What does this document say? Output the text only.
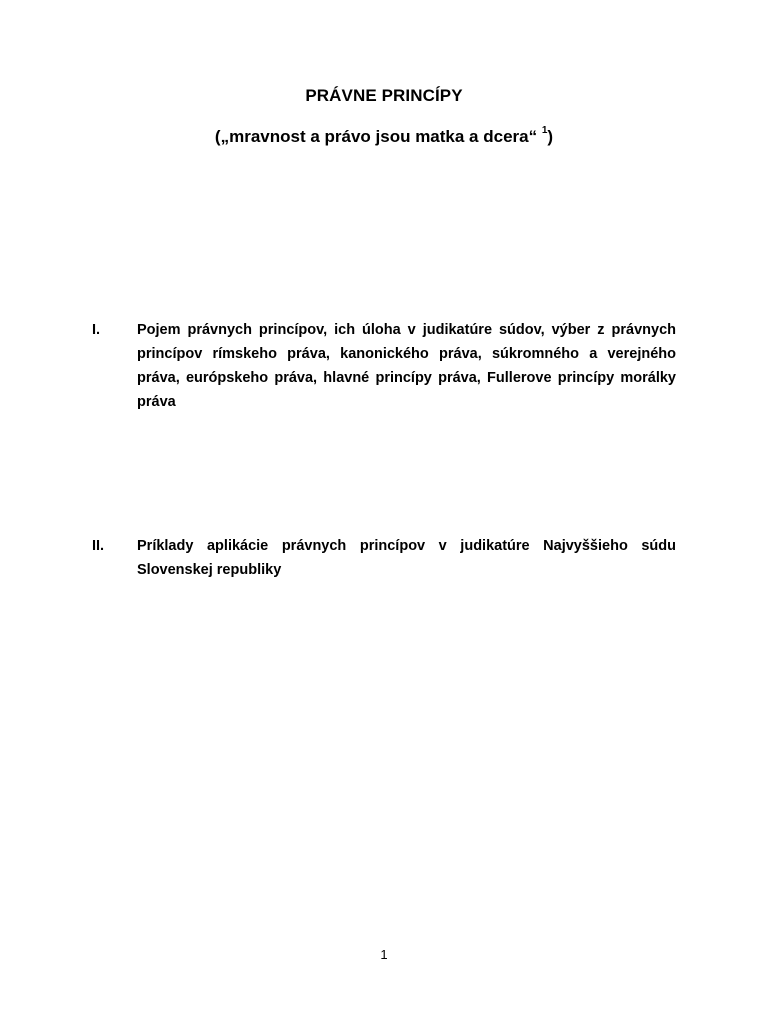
PRÁVNE PRINCÍPY
(„mravnost a právo jsou matka a dcera“ $^1$)
I.	Pojem právnych princípov, ich úloha v judikatúre súdov, výber z právnych princípov rímskeho práva, kanonického práva, súkromného a verejného práva, európskeho práva, hlavné princípy práva, Fullerove princípy morálky práva
II.	Príklady aplikácie právnych princípov v judikatúre Najvyššieho súdu Slovenskej republiky
1
